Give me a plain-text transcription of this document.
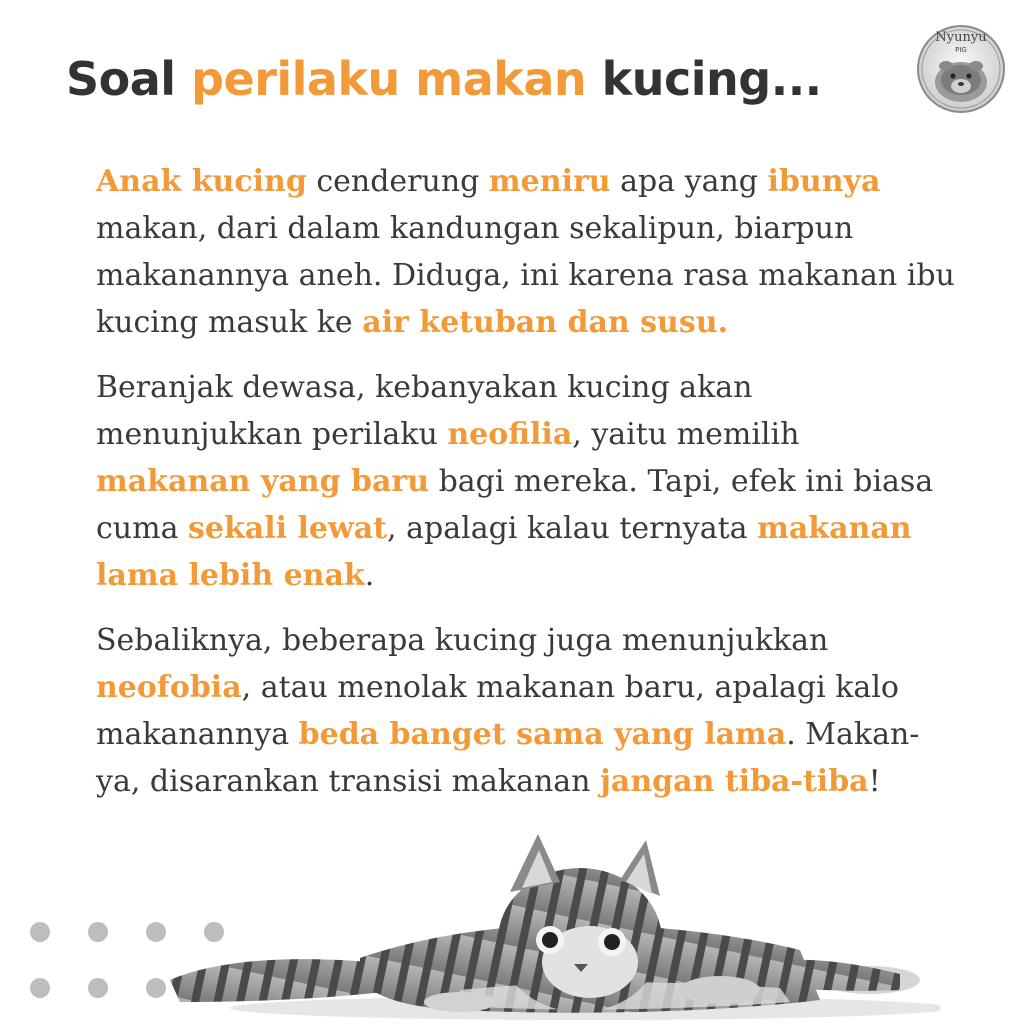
Soal perilaku makan kucing...
Nyunyu
PIG

Anak kucing cenderung meniru apa yang ibunya makan, dari dalam kandungan sekalipun, biarpun makanannya aneh. Diduga, ini karena rasa makanan ibu kucing masuk ke air ketuban dan susu.

Beranjak dewasa, kebanyakan kucing akan menunjukkan perilaku neofilia, yaitu memilih makanan yang baru bagi mereka. Tapi, efek ini biasa cuma sekali lewat, apalagi kalau ternyata makanan lama lebih enak.

Sebaliknya, beberapa kucing juga menunjukkan neofobia, atau menolak makanan baru, apalagi kalo makanannya beda banget sama yang lama. Makan-ya, disarankan transisi makanan jangan tiba-tiba!
